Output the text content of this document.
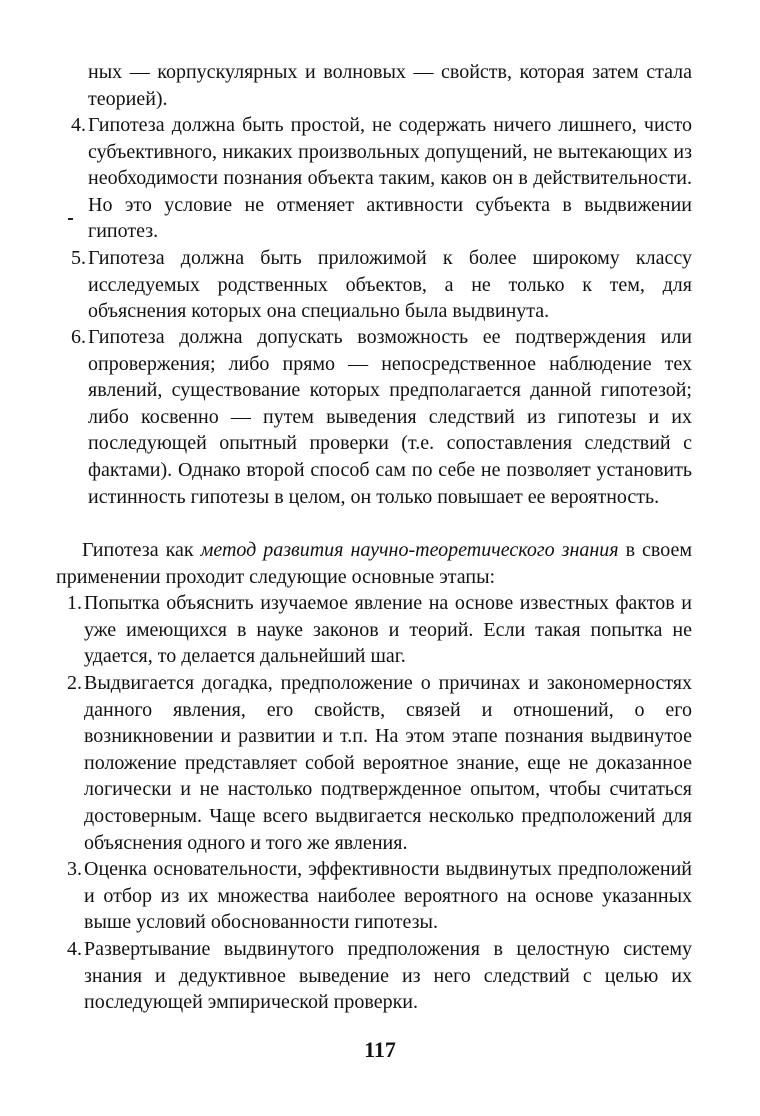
ных — корпускулярных и волновых — свойств, которая затем стала теорией).
4. Гипотеза должна быть простой, не содержать ничего лишнего, чисто субъективного, никаких произвольных допущений, не вытекающих из необходимости познания объекта таким, каков он в действительности. Но это условие не отменяет активности субъекта в выдвижении гипотез.
5. Гипотеза должна быть приложимой к более широкому классу исследуемых родственных объектов, а не только к тем, для объяснения которых она специально была выдвинута.
6. Гипотеза должна допускать возможность ее подтверждения или опровержения; либо прямо — непосредственное наблюдение тех явлений, существование которых предполагается данной гипотезой; либо косвенно — путем выведения следствий из гипотезы и их последующей опытный проверки (т.е. сопоставления следствий с фактами). Однако второй способ сам по себе не позволяет установить истинность гипотезы в целом, он только повышает ее вероятность.
Гипотеза как метод развития научно-теоретического знания в своем применении проходит следующие основные этапы:
1. Попытка объяснить изучаемое явление на основе известных фактов и уже имеющихся в науке законов и теорий. Если такая попытка не удается, то делается дальнейший шаг.
2. Выдвигается догадка, предположение о причинах и закономерностях данного явления, его свойств, связей и отношений, о его возникновении и развитии и т.п. На этом этапе познания выдвинутое положение представляет собой вероятное знание, еще не доказанное логически и не настолько подтвержденное опытом, чтобы считаться достоверным. Чаще всего выдвигается несколько предположений для объяснения одного и того же явления.
3. Оценка основательности, эффективности выдвинутых предположений и отбор из их множества наиболее вероятного на основе указанных выше условий обоснованности гипотезы.
4. Развертывание выдвинутого предположения в целостную систему знания и дедуктивное выведение из него следствий с целью их последующей эмпирической проверки.
117
